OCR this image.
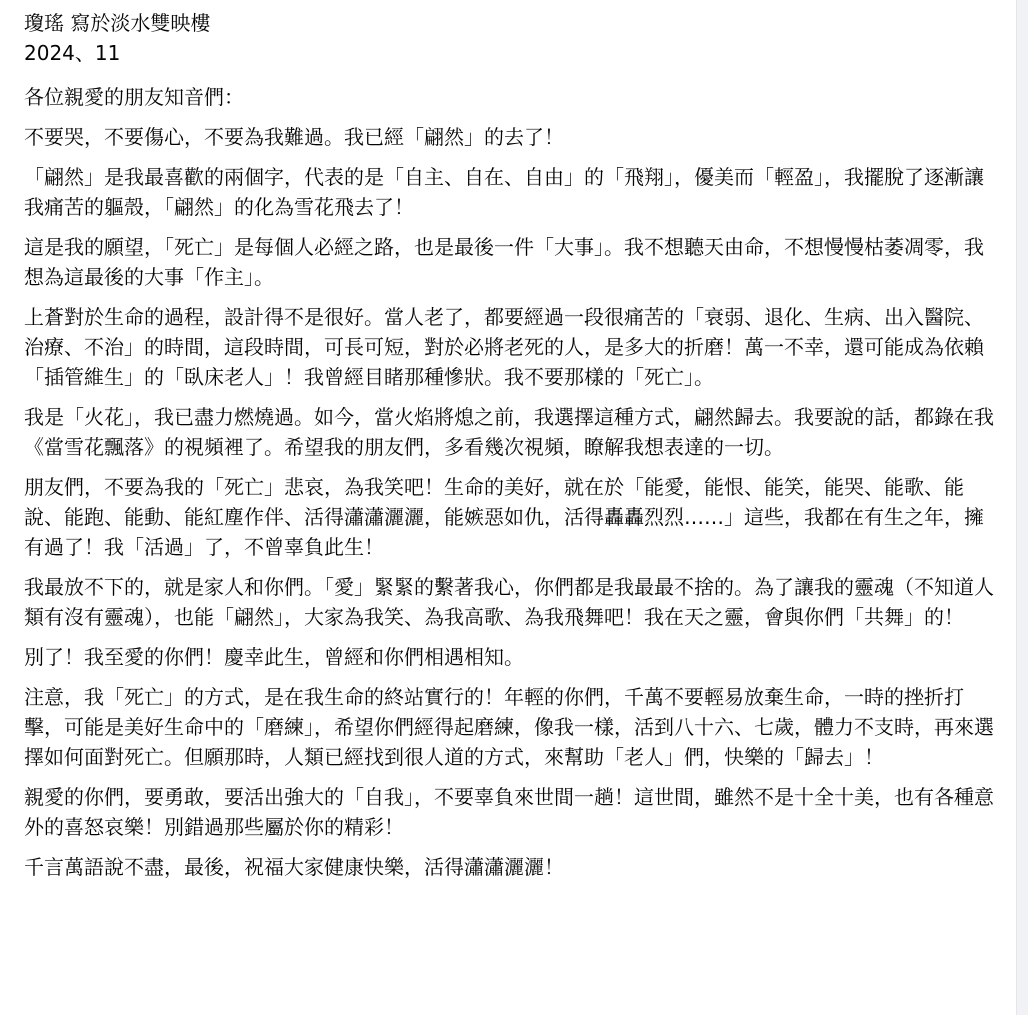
瓊瑤 寫於淡水雙映樓

2024、11

各位親愛的朋友知音們：

不要哭，不要傷心，不要為我難過。我已經「翩然」的去了！

「翩然」是我最喜歡的兩個字，代表的是「自主、自在、自由」的「飛翔」，優美而「輕盈」，我擺脫了逐漸讓我痛苦的軀殼，「翩然」的化為雪花飛去了！

這是我的願望，「死亡」是每個人必經之路，也是最後一件「大事」。我不想聽天由命，不想慢慢枯萎凋零，我想為這最後的大事「作主」。

上蒼對於生命的過程，設計得不是很好。當人老了，都要經過一段很痛苦的「衰弱、退化、生病、出入醫院、治療、不治」的時間，這段時間，可長可短，對於必將老死的人，是多大的折磨！萬一不幸，還可能成為依賴「插管維生」的「臥床老人」！我曾經目睹那種慘狀。我不要那樣的「死亡」。

我是「火花」，我已盡力燃燒過。如今，當火焰將熄之前，我選擇這種方式，翩然歸去。我要說的話，都錄在我《當雪花飄落》的視頻裡了。希望我的朋友們，多看幾次視頻，瞭解我想表達的一切。

朋友們，不要為我的「死亡」悲哀，為我笑吧！生命的美好，就在於「能愛，能恨、能笑，能哭、能歌、能說、能跑、能動、能紅塵作伴、活得瀟瀟灑灑，能嫉惡如仇，活得轟轟烈烈……」這些，我都在有生之年，擁有過了！我「活過」了，不曾辜負此生！

我最放不下的，就是家人和你們。「愛」緊緊的繫著我心，你們都是我最最不捨的。為了讓我的靈魂（不知道人類有沒有靈魂），也能「翩然」，大家為我笑、為我高歌、為我飛舞吧！我在天之靈，會與你們「共舞」的！

別了！我至愛的你們！慶幸此生，曾經和你們相遇相知。

注意，我「死亡」的方式，是在我生命的終站實行的！年輕的你們，千萬不要輕易放棄生命，一時的挫折打擊，可能是美好生命中的「磨練」，希望你們經得起磨練，像我一樣，活到八十六、七歲，體力不支時，再來選擇如何面對死亡。但願那時，人類已經找到很人道的方式，來幫助「老人」們，快樂的「歸去」！

親愛的你們，要勇敢，要活出強大的「自我」，不要辜負來世間一趟！這世間，雖然不是十全十美，也有各種意外的喜怒哀樂！別錯過那些屬於你的精彩！

千言萬語說不盡，最後，祝福大家健康快樂，活得瀟瀟灑灑！
